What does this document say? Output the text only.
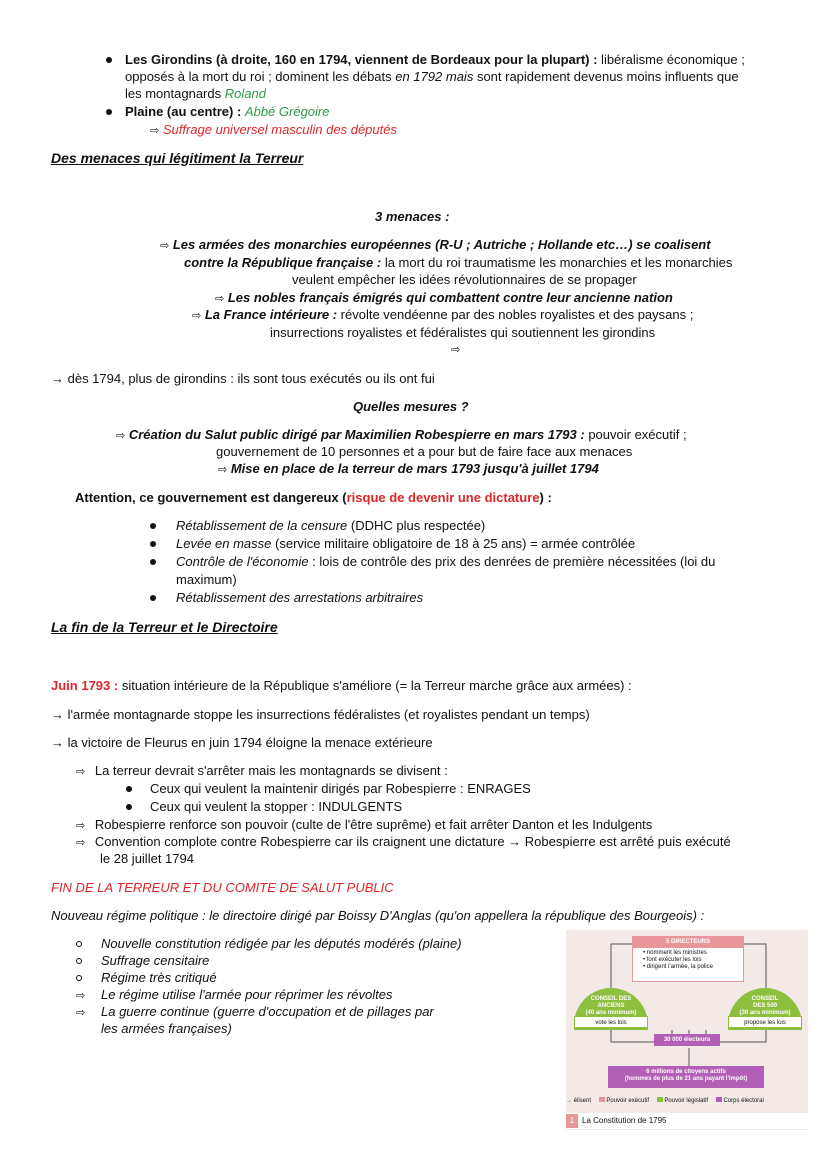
Les Girondins (à droite, 160 en 1794, viennent de Bordeaux pour la plupart) : libéralisme économique ;
opposés à la mort du roi ; dominent les débats en 1792 mais sont rapidement devenus moins influents que
les montagnards Roland
Plaine (au centre) : Abbé Grégoire
⇨ Suffrage universel masculin des députés
Des menaces qui légitiment la Terreur
3 menaces :
⇨ Les armées des monarchies européennes (R-U ; Autriche ; Hollande etc…) se coalisent
contre la République française : la mort du roi traumatisme les monarchies et les monarchies
veulent empêcher les idées révolutionnaires de se propager
⇨ Les nobles français émigrés qui combattent contre leur ancienne nation
⇨ La France intérieure : révolte vendéenne par des nobles royalistes et des paysans ;
insurrections royalistes et fédéralistes qui soutiennent les girondins
⇨
→ dès 1794, plus de girondins : ils sont tous exécutés ou ils ont fui
Quelles mesures ?
⇨ Création du Salut public dirigé par Maximilien Robespierre en mars 1793 : pouvoir exécutif ;
gouvernement de 10 personnes et a pour but de faire face aux menaces
⇨ Mise en place de la terreur de mars 1793 jusqu'à juillet 1794
Attention, ce gouvernement est dangereux (risque de devenir une dictature) :
Rétablissement de la censure (DDHC plus respectée)
Levée en masse (service militaire obligatoire de 18 à 25 ans) = armée contrôlée
Contrôle de l'économie : lois de contrôle des prix des denrées de première nécessitées (loi du
maximum)
Rétablissement des arrestations arbitraires
La fin de la Terreur et le Directoire
Juin 1793 : situation intérieure de la République s'améliore (= la Terreur marche grâce aux armées) :
→ l'armée montagnarde stoppe les insurrections fédéralistes (et royalistes pendant un temps)
→ la victoire de Fleurus en juin 1794 éloigne la menace extérieure
⇨ La terreur devrait s'arrêter mais les montagnards se divisent :
Ceux qui veulent la maintenir dirigés par Robespierre : ENRAGES
Ceux qui veulent la stopper : INDULGENTS
⇨ Robespierre renforce son pouvoir (culte de l'être suprême) et fait arrêter Danton et les Indulgents
⇨ Convention complote contre Robespierre car ils craignent une dictature → Robespierre est arrêté puis exécuté
le 28 juillet 1794
FIN DE LA TERREUR ET DU COMITE DE SALUT PUBLIC
Nouveau régime politique : le directoire dirigé par Boissy D'Anglas (qu'on appellera la république des Bourgeois) :
Nouvelle constitution rédigée par les députés modérés (plaine)
Suffrage censitaire
Régime très critiqué
⇨ Le régime utilise l'armée pour réprimer les révoltes
⇨ La guerre continue (guerre d'occupation et de pillages par
les armées françaises)
5 DIRECTEURS
• nomment les ministres
• font exécuter les lois
• dirigent l'armée, la police
CONSEIL DES ANCIENS
(40 ans minimum)
vote les lois
CONSEIL DES 500
(30 ans minimum)
propose les lois
30 000 électeurs
6 millions de citoyens actifs
(hommes de plus de 21 ans payant l'impôt)
→ élisent	Pouvoir exécutif	Pouvoir législatif	Corps électoral
1 La Constitution de 1795
